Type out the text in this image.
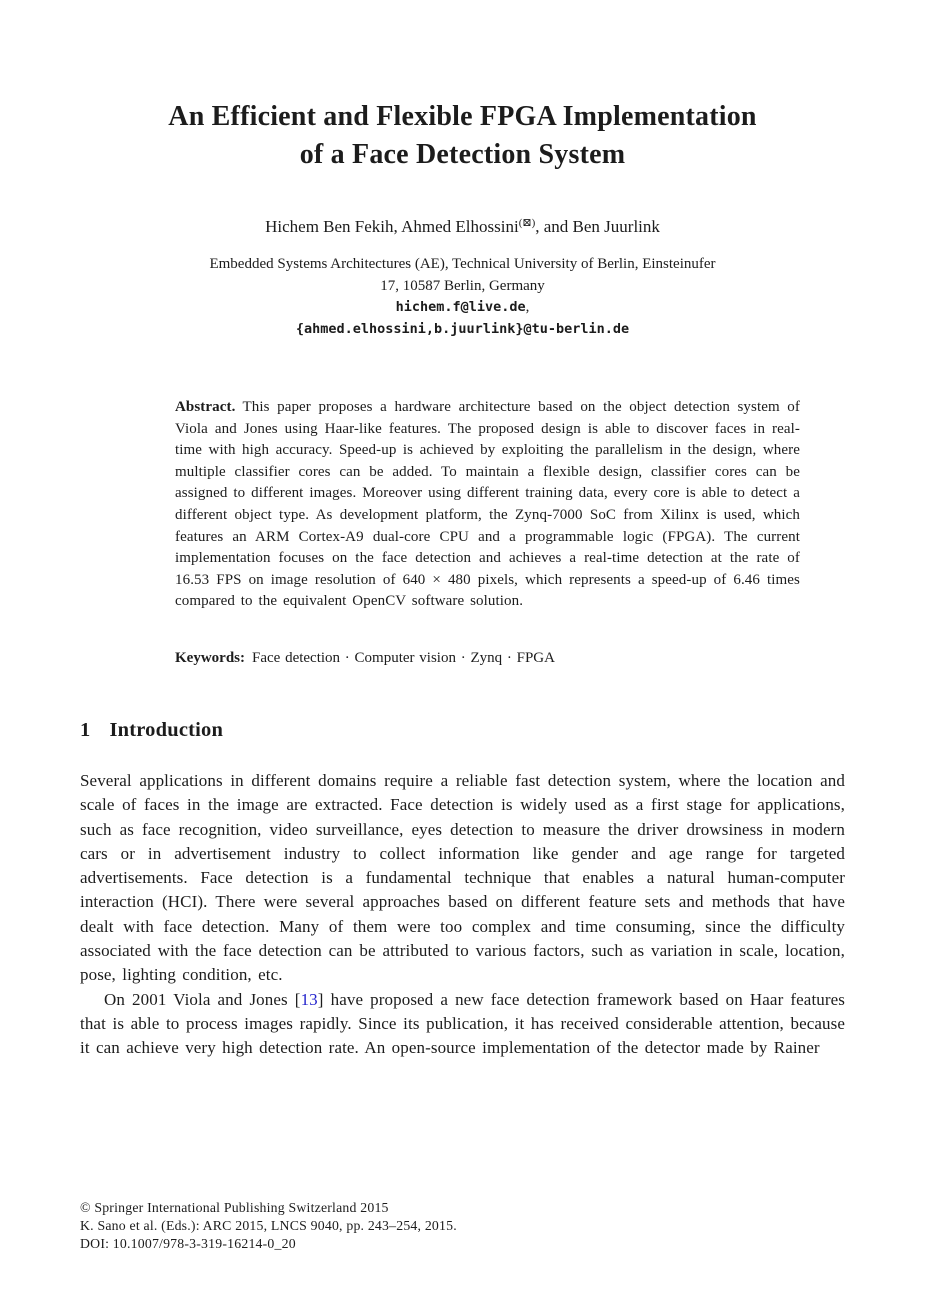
An Efficient and Flexible FPGA Implementation
of a Face Detection System
Hichem Ben Fekih, Ahmed Elhossini(⊠), and Ben Juurlink
Embedded Systems Architectures (AE), Technical University of Berlin, Einsteinufer
17, 10587 Berlin, Germany
hichem.f@live.de,
{ahmed.elhossini,b.juurlink}@tu-berlin.de
Abstract. This paper proposes a hardware architecture based on the object detection system of Viola and Jones using Haar-like features. The proposed design is able to discover faces in real-time with high accuracy. Speed-up is achieved by exploiting the parallelism in the design, where multiple classifier cores can be added. To maintain a flexible design, classifier cores can be assigned to different images. Moreover using different training data, every core is able to detect a different object type. As development platform, the Zynq-7000 SoC from Xilinx is used, which features an ARM Cortex-A9 dual-core CPU and a programmable logic (FPGA). The current implementation focuses on the face detection and achieves a real-time detection at the rate of 16.53 FPS on image resolution of 640 × 480 pixels, which represents a speed-up of 6.46 times compared to the equivalent OpenCV software solution.
Keywords: Face detection · Computer vision · Zynq · FPGA
1 Introduction
Several applications in different domains require a reliable fast detection system, where the location and scale of faces in the image are extracted. Face detection is widely used as a first stage for applications, such as face recognition, video surveillance, eyes detection to measure the driver drowsiness in modern cars or in advertisement industry to collect information like gender and age range for targeted advertisements. Face detection is a fundamental technique that enables a natural human-computer interaction (HCI). There were several approaches based on different feature sets and methods that have dealt with face detection. Many of them were too complex and time consuming, since the difficulty associated with the face detection can be attributed to various factors, such as variation in scale, location, pose, lighting condition, etc.
On 2001 Viola and Jones [13] have proposed a new face detection framework based on Haar features that is able to process images rapidly. Since its publication, it has received considerable attention, because it can achieve very high detection rate. An open-source implementation of the detector made by Rainer
© Springer International Publishing Switzerland 2015
K. Sano et al. (Eds.): ARC 2015, LNCS 9040, pp. 243–254, 2015.
DOI: 10.1007/978-3-319-16214-0_20
